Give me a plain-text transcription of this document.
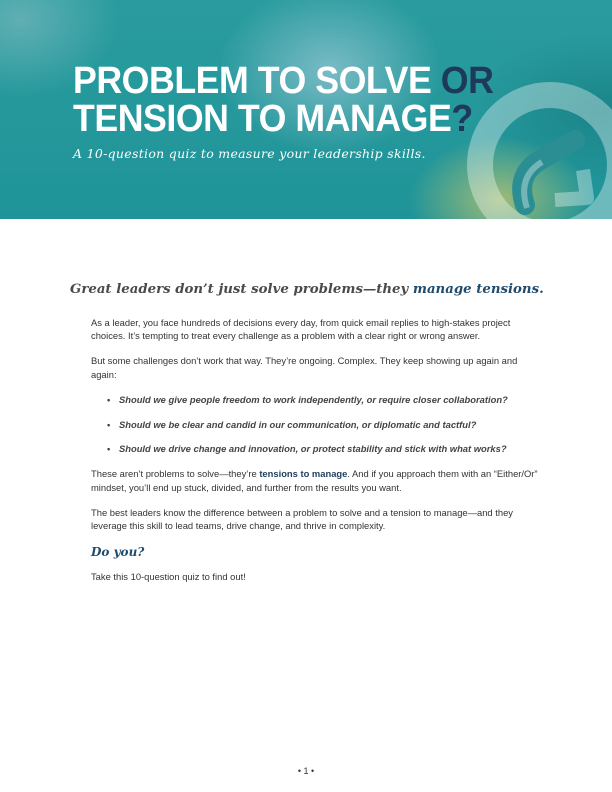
PROBLEM TO SOLVE OR
TENSION TO MANAGE?

A 10-question quiz to measure your leadership skills.

Great leaders don’t just solve problems—they manage tensions.

As a leader, you face hundreds of decisions every day, from quick email replies to high-stakes project choices. It’s tempting to treat every challenge as a problem with a clear right or wrong answer.

But some challenges don’t work that way. They’re ongoing. Complex. They keep showing up again and again:

• Should we give people freedom to work independently, or require closer collaboration?
• Should we be clear and candid in our communication, or diplomatic and tactful?
• Should we drive change and innovation, or protect stability and stick with what works?

These aren’t problems to solve—they’re tensions to manage. And if you approach them with an “Either/Or” mindset, you’ll end up stuck, divided, and further from the results you want.

The best leaders know the difference between a problem to solve and a tension to manage—and they leverage this skill to lead teams, drive change, and thrive in complexity.

Do you?

Take this 10-question quiz to find out!

• 1 •
